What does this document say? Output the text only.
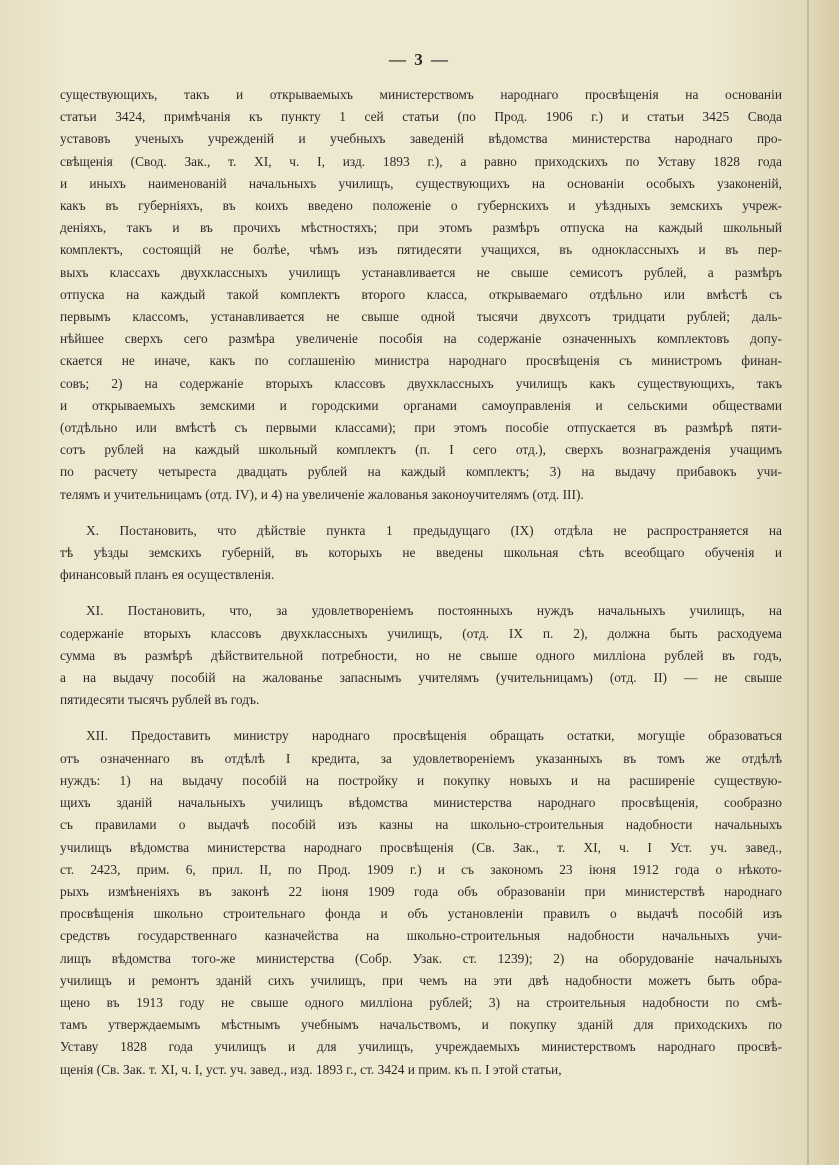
— 3 —
существующихъ, такъ и открываемыхъ министерствомъ народнаго просвѣщенія на основаніи
статьи 3424, примѣчанія къ пункту 1 сей статьи (по Прод. 1906 г.) и статьи 3425 Свода
уставовъ ученыхъ учрежденій и учебныхъ заведеній вѣдомства министерства народнаго про-
свѣщенія (Свод. Зак., т. XI, ч. I, изд. 1893 г.), а равно приходскихъ по Уставу 1828 года
и иныхъ наименованій начальныхъ училищъ, существующихъ на основаніи особыхъ узаконеній,
какъ въ губерніяхъ, въ коихъ введено положеніе о губернскихъ и уѣздныхъ земскихъ учреж-
деніяхъ, такъ и въ прочихъ мѣстностяхъ; при этомъ размѣръ отпуска на каждый школьный
комплектъ, состоящій не болѣе, чѣмъ изъ пятидесяти учащихся, въ одноклассныхъ и въ пер-
выхъ классахъ двухклассныхъ училищъ устанавливается не свыше семисотъ рублей, а размѣръ
отпуска на каждый такой комплектъ второго класса, открываемаго отдѣльно или вмѣстѣ съ
первымъ классомъ, устанавливается не свыше одной тысячи двухсотъ тридцати рублей; даль-
нѣйшее сверхъ сего размѣра увеличеніе пособія на содержаніе означенныхъ комплектовъ допу-
скается не иначе, какъ по соглашенію министра народнаго просвѣщенія съ министромъ финан-
совъ; 2) на содержаніе вторыхъ классовъ двухклассныхъ училищъ какъ существующихъ, такъ
и открываемыхъ земскими и городскими органами самоуправленія и сельскими обществами
(отдѣльно или вмѣстѣ съ первыми классами); при этомъ пособіе отпускается въ размѣрѣ пяти-
сотъ рублей на каждый школьный комплектъ (п. I сего отд.), сверхъ вознагражденія учащимъ
по расчету четыреста двадцать рублей на каждый комплектъ; 3) на выдачу прибавокъ учи-
телямъ и учительницамъ (отд. IV), и 4) на увеличеніе жалованья законоучителямъ (отд. III).
X. Постановить, что дѣйствіе пункта 1 предыдущаго (IX) отдѣла не распространяется на
тѣ уѣзды земскихъ губерній, въ которыхъ не введены школьная сѣть всеобщаго обученія и
финансовый планъ ея осуществленія.
XI. Постановить, что, за удовлетвореніемъ постоянныхъ нуждъ начальныхъ училищъ, на
содержаніе вторыхъ классовъ двухклассныхъ училищъ, (отд. IX п. 2), должна быть расходуема
сумма въ размѣрѣ дѣйствительной потребности, но не свыше одного милліона рублей въ годъ,
а на выдачу пособій на жалованье запаснымъ учителямъ (учительницамъ) (отд. II) — не свыше
пятидесяти тысячъ рублей въ годъ.
XII. Предоставить министру народнаго просвѣщенія обращать остатки, могущіе образоваться
отъ означеннаго въ отдѣлѣ I кредита, за удовлетвореніемъ указанныхъ въ томъ же отдѣлѣ
нуждъ: 1) на выдачу пособій на постройку и покупку новыхъ и на расширеніе существую-
щихъ зданій начальныхъ училищъ вѣдомства министерства народнаго просвѣщенія, сообразно
съ правилами о выдачѣ пособій изъ казны на школьно-строительныя надобности начальныхъ
училищъ вѣдомства министерства народнаго просвѣщенія (Св. Зак., т. XI, ч. I Уст. уч. завед.,
ст. 2423, прим. 6, прил. II, по Прод. 1909 г.) и съ закономъ 23 іюня 1912 года о нѣкото-
рыхъ измѣненіяхъ въ законѣ 22 іюня 1909 года объ образованіи при министерствѣ народнаго
просвѣщенія школьно строительнаго фонда и объ установленіи правилъ о выдачѣ пособій изъ
средствъ государственнаго казначейства на школьно-строительныя надобности начальныхъ учи-
лищъ вѣдомства того-же министерства (Собр. Узак. ст. 1239); 2) на оборудованіе начальныхъ
училищъ и ремонтъ зданій сихъ училищъ, при чемъ на эти двѣ надобности можетъ быть обра-
щено въ 1913 году не свыше одного милліона рублей; 3) на строительныя надобности по смѣ-
тамъ утверждаемымъ мѣстнымъ учебнымъ начальствомъ, и покупку зданій для приходскихъ по
Уставу 1828 года училищъ и для училищъ, учреждаемыхъ министерствомъ народнаго просвѣ-
щенія (Св. Зак. т. XI, ч. I, уст. уч. завед., изд. 1893 г., ст. 3424 и прим. къ п. I этой статьи,
